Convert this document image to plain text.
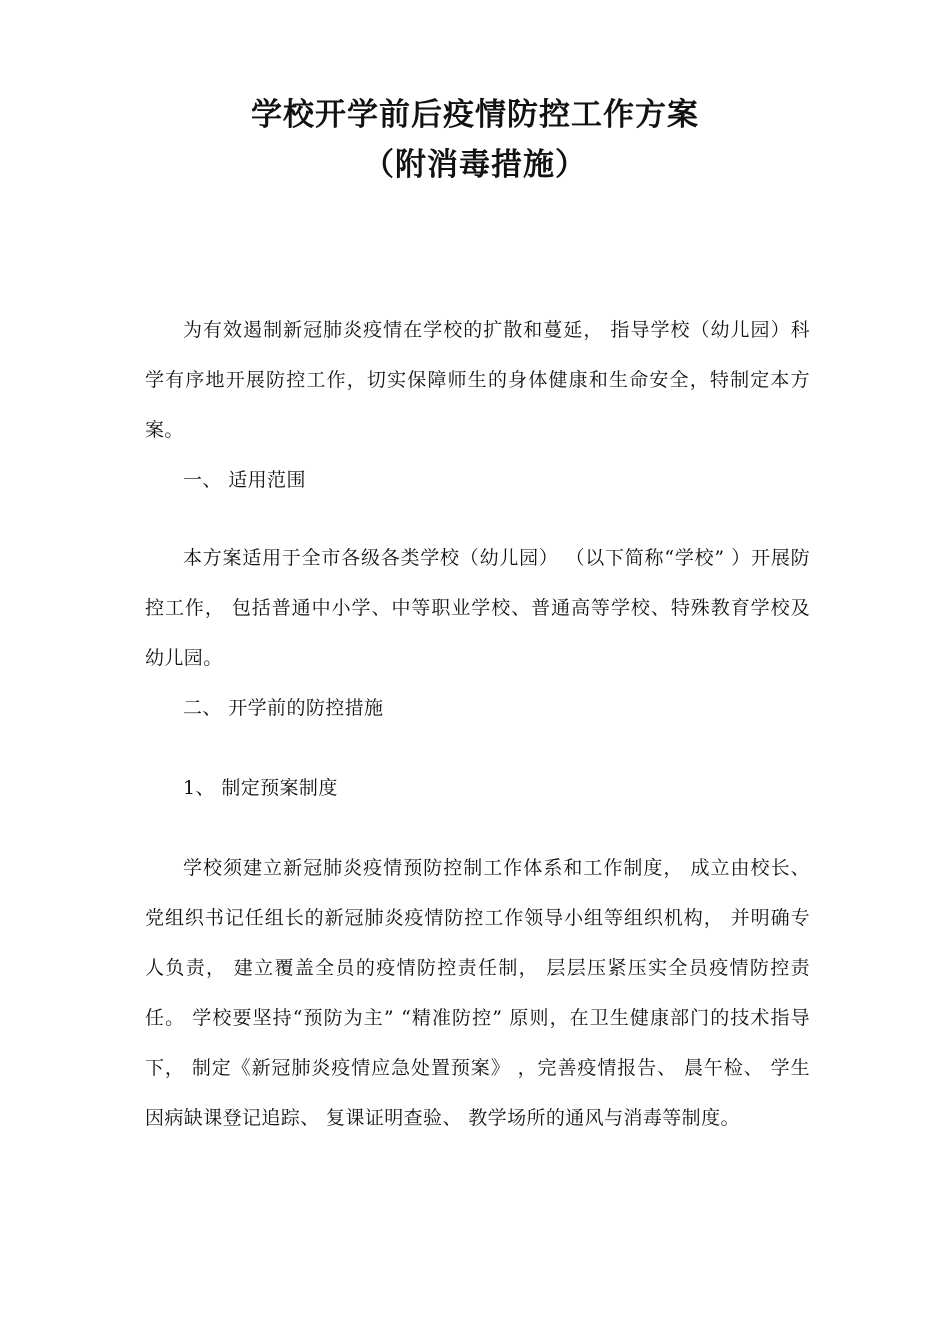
学校开学前后疫情防控工作方案
（附消毒措施）

为有效遏制新冠肺炎疫情在学校的扩散和蔓延， 指导学校（幼儿园）科学有序地开展防控工作，切实保障师生的身体健康和生命安全，特制定本方案。

一、 适用范围

本方案适用于全市各级各类学校（幼儿园） （以下简称“学校” ）开展防控工作， 包括普通中小学、中等职业学校、普通高等学校、特殊教育学校及幼儿园。

二、 开学前的防控措施

1、 制定预案制度

学校须建立新冠肺炎疫情预防控制工作体系和工作制度， 成立由校长、 党组织书记任组长的新冠肺炎疫情防控工作领导小组等组织机构， 并明确专人负责， 建立覆盖全员的疫情防控责任制， 层层压紧压实全员疫情防控责任。 学校要坚持“预防为主” “精准防控” 原则，在卫生健康部门的技术指导下， 制定《新冠肺炎疫情应急处置预案》 ，完善疫情报告、 晨午检、 学生因病缺课登记追踪、 复课证明查验、 教学场所的通风与消毒等制度。
